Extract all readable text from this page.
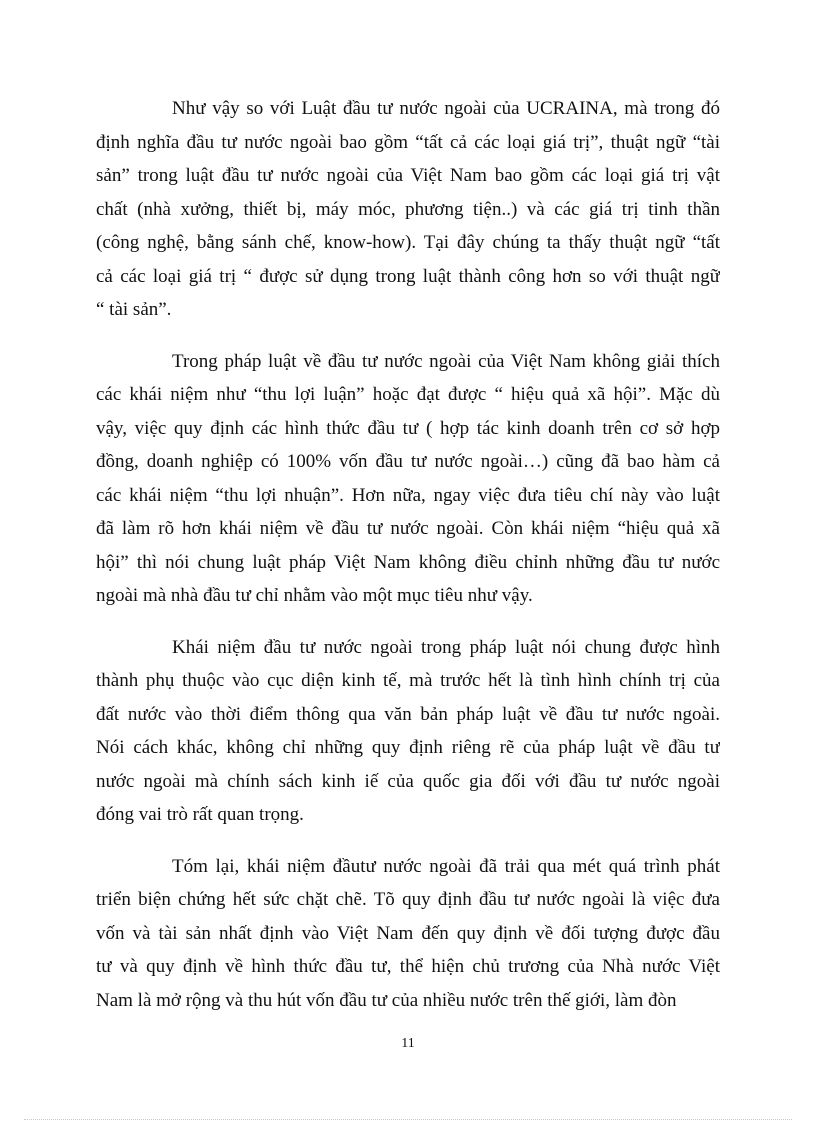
Như vậy so với Luật đầu tư nước ngoài của UCRAINA, mà trong đó
định nghĩa đầu tư nước ngoài bao gồm “tất cả các loại giá trị”, thuật ngữ “tài
sản” trong luật đầu tư nước ngoài của Việt Nam bao gồm các loại giá trị vật
chất (nhà xưởng, thiết bị, máy móc, phương tiện..) và các giá trị tinh thần
(công nghệ, bằng sánh chế, know-how). Tại đây chúng ta thấy thuật ngữ “tất
cả các loại giá trị “ được sử dụng trong luật thành công hơn so với thuật ngữ
“ tài sản”.
Trong pháp luật về đầu tư nước ngoài của Việt Nam không giải thích
các khái niệm như “thu lợi luận” hoặc đạt được “ hiệu quả xã hội”. Mặc dù
vậy, việc quy định các hình thức đầu tư ( hợp tác kinh doanh trên cơ sở hợp
đồng, doanh nghiệp có 100% vốn đầu tư nước ngoài…) cũng đã bao hàm cả
các khái niệm “thu lợi nhuận”. Hơn nữa, ngay việc đưa tiêu chí này vào luật
đã làm rõ hơn khái niệm về đầu tư nước ngoài. Còn khái niệm “hiệu quả xã
hội” thì nói chung luật pháp Việt Nam không điều chỉnh những đầu tư nước
ngoài mà nhà đầu tư chỉ nhằm vào một mục tiêu như vậy.
Khái niệm đầu tư nước ngoài trong pháp luật nói chung được hình
thành phụ thuộc vào cục diện kinh tế, mà trước hết là tình hình chính trị của
đất nước vào thời điểm thông qua văn bản pháp luật về đầu tư nước ngoài.
Nói cách khác, không chỉ những quy định riêng rẽ của pháp luật về đầu tư
nước ngoài mà chính sách kinh iế của quốc gia đối với đầu tư nước ngoài
đóng vai trò rất quan trọng.
Tóm lại, khái niệm đầutư nước ngoài đã trải qua mét quá trình phát
triển biện chứng hết sức chặt chẽ. Tõ quy định đầu tư nước ngoài là việc đưa
vốn và tài sản nhất định vào Việt Nam đến quy định về đối tượng được đầu
tư và quy định về hình thức đầu tư, thể hiện chủ trương của Nhà nước Việt
Nam là mở rộng và thu hút vốn đầu tư của nhiều nước trên thế giới, làm đòn
11
